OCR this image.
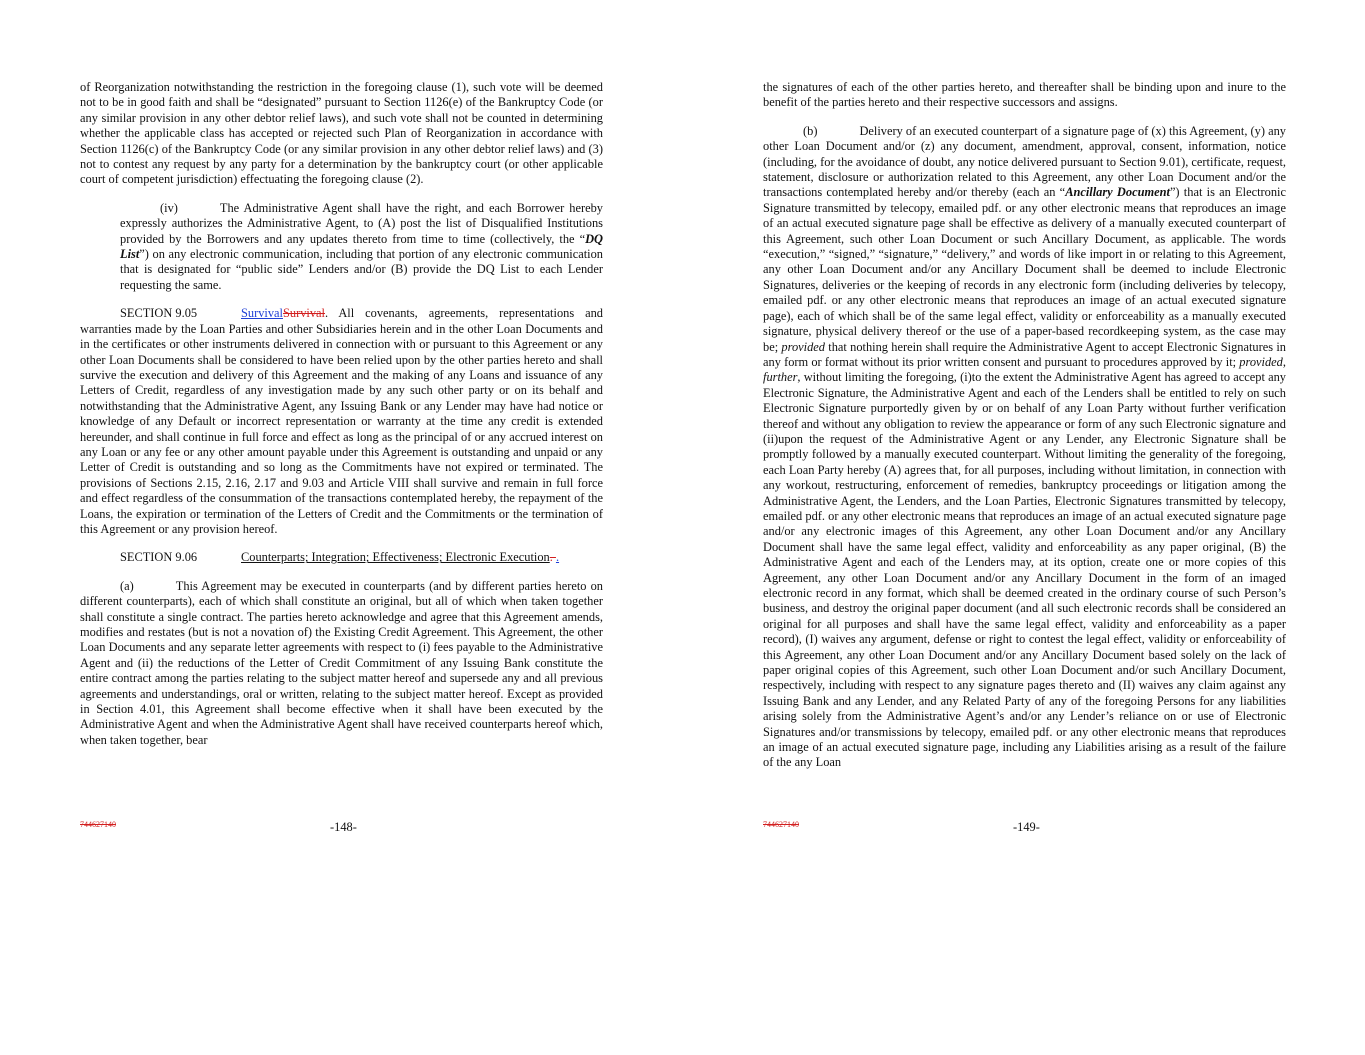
of Reorganization notwithstanding the restriction in the foregoing clause (1), such vote will be deemed not to be in good faith and shall be “designated” pursuant to Section 1126(e) of the Bankruptcy Code (or any similar provision in any other debtor relief laws), and such vote shall not be counted in determining whether the applicable class has accepted or rejected such Plan of Reorganization in accordance with Section 1126(c) of the Bankruptcy Code (or any similar provision in any other debtor relief laws) and (3) not to contest any request by any party for a determination by the bankruptcy court (or other applicable court of competent jurisdiction) effectuating the foregoing clause (2).

(iv)	The Administrative Agent shall have the right, and each Borrower hereby expressly authorizes the Administrative Agent, to (A) post the list of Disqualified Institutions provided by the Borrowers and any updates thereto from time to time (collectively, the “DQ List”) on any electronic communication, including that portion of any electronic communication that is designated for “public side” Lenders and/or (B) provide the DQ List to each Lender requesting the same.

SECTION 9.05	SurvivalSurvival. All covenants, agreements, representations and warranties made by the Loan Parties and other Subsidiaries herein and in the other Loan Documents and in the certificates or other instruments delivered in connection with or pursuant to this Agreement or any other Loan Documents shall be considered to have been relied upon by the other parties hereto and shall survive the execution and delivery of this Agreement and the making of any Loans and issuance of any Letters of Credit, regardless of any investigation made by any such other party or on its behalf and notwithstanding that the Administrative Agent, any Issuing Bank or any Lender may have had notice or knowledge of any Default or incorrect representation or warranty at the time any credit is extended hereunder, and shall continue in full force and effect as long as the principal of or any accrued interest on any Loan or any fee or any other amount payable under this Agreement is outstanding and unpaid or any Letter of Credit is outstanding and so long as the Commitments have not expired or terminated. The provisions of Sections 2.15, 2.16, 2.17 and 9.03 and Article VIII shall survive and remain in full force and effect regardless of the consummation of the transactions contemplated hereby, the repayment of the Loans, the expiration or termination of the Letters of Credit and the Commitments or the termination of this Agreement or any provision hereof.

SECTION 9.06	Counterparts; Integration; Effectiveness; Electronic Execution. .

(a)	This Agreement may be executed in counterparts (and by different parties hereto on different counterparts), each of which shall constitute an original, but all of which when taken together shall constitute a single contract. The parties hereto acknowledge and agree that this Agreement amends, modifies and restates (but is not a novation of) the Existing Credit Agreement. This Agreement, the other Loan Documents and any separate letter agreements with respect to (i) fees payable to the Administrative Agent and (ii) the reductions of the Letter of Credit Commitment of any Issuing Bank constitute the entire contract among the parties relating to the subject matter hereof and supersede any and all previous agreements and understandings, oral or written, relating to the subject matter hereof. Except as provided in Section 4.01, this Agreement shall become effective when it shall have been executed by the Administrative Agent and when the Administrative Agent shall have received counterparts hereof which, when taken together, bear

744627140	-148-

the signatures of each of the other parties hereto, and thereafter shall be binding upon and inure to the benefit of the parties hereto and their respective successors and assigns.

(b)	Delivery of an executed counterpart of a signature page of (x) this Agreement, (y) any other Loan Document and/or (z) any document, amendment, approval, consent, information, notice (including, for the avoidance of doubt, any notice delivered pursuant to Section 9.01), certificate, request, statement, disclosure or authorization related to this Agreement, any other Loan Document and/or the transactions contemplated hereby and/or thereby (each an “Ancillary Document”) that is an Electronic Signature transmitted by telecopy, emailed pdf. or any other electronic means that reproduces an image of an actual executed signature page shall be effective as delivery of a manually executed counterpart of this Agreement, such other Loan Document or such Ancillary Document, as applicable. The words “execution,” “signed,” “signature,” “delivery,” and words of like import in or relating to this Agreement, any other Loan Document and/or any Ancillary Document shall be deemed to include Electronic Signatures, deliveries or the keeping of records in any electronic form (including deliveries by telecopy, emailed pdf. or any other electronic means that reproduces an image of an actual executed signature page), each of which shall be of the same legal effect, validity or enforceability as a manually executed signature, physical delivery thereof or the use of a paper-based recordkeeping system, as the case may be; provided that nothing herein shall require the Administrative Agent to accept Electronic Signatures in any form or format without its prior written consent and pursuant to procedures approved by it; provided, further, without limiting the foregoing, (i)to the extent the Administrative Agent has agreed to accept any Electronic Signature, the Administrative Agent and each of the Lenders shall be entitled to rely on such Electronic Signature purportedly given by or on behalf of any Loan Party without further verification thereof and without any obligation to review the appearance or form of any such Electronic signature and (ii)upon the request of the Administrative Agent or any Lender, any Electronic Signature shall be promptly followed by a manually executed counterpart. Without limiting the generality of the foregoing, each Loan Party hereby (A) agrees that, for all purposes, including without limitation, in connection with any workout, restructuring, enforcement of remedies, bankruptcy proceedings or litigation among the Administrative Agent, the Lenders, and the Loan Parties, Electronic Signatures transmitted by telecopy, emailed pdf. or any other electronic means that reproduces an image of an actual executed signature page and/or any electronic images of this Agreement, any other Loan Document and/or any Ancillary Document shall have the same legal effect, validity and enforceability as any paper original, (B) the Administrative Agent and each of the Lenders may, at its option, create one or more copies of this Agreement, any other Loan Document and/or any Ancillary Document in the form of an imaged electronic record in any format, which shall be deemed created in the ordinary course of such Person’s business, and destroy the original paper document (and all such electronic records shall be considered an original for all purposes and shall have the same legal effect, validity and enforceability as a paper record), (I) waives any argument, defense or right to contest the legal effect, validity or enforceability of this Agreement, any other Loan Document and/or any Ancillary Document based solely on the lack of paper original copies of this Agreement, such other Loan Document and/or such Ancillary Document, respectively, including with respect to any signature pages thereto and (II) waives any claim against any Issuing Bank and any Lender, and any Related Party of any of the foregoing Persons for any liabilities arising solely from the Administrative Agent’s and/or any Lender’s reliance on or use of Electronic Signatures and/or transmissions by telecopy, emailed pdf. or any other electronic means that reproduces an image of an actual executed signature page, including any Liabilities arising as a result of the failure of the any Loan

744627140	-149-
